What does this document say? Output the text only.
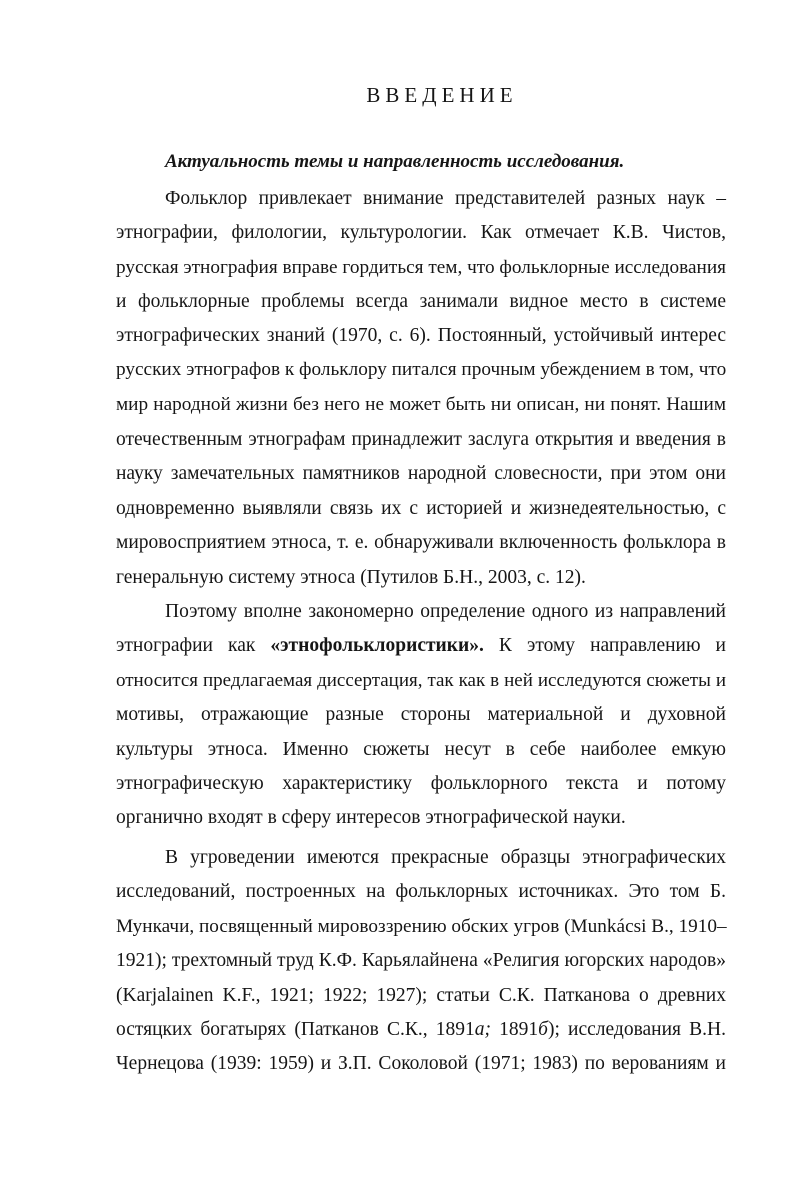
ВВЕДЕНИЕ
Актуальность темы и направленность исследования.
Фольклор привлекает внимание представителей разных наук –
этнографии, филологии, культурологии. Как отмечает К.В. Чистов,
русская этнография вправе гордиться тем, что фольклорные исследования
и фольклорные проблемы всегда занимали видное место в системе
этнографических знаний (1970, с. 6). Постоянный, устойчивый интерес
русских этнографов к фольклору питался прочным убеждением в том, что
мир народной жизни без него не может быть ни описан, ни понят. Нашим
отечественным этнографам принадлежит заслуга открытия и введения в
науку замечательных памятников народной словесности, при этом они
одновременно выявляли связь их с историей и жизнедеятельностью, с
мировосприятием этноса, т. е. обнаруживали включенность фольклора в
генеральную систему этноса (Путилов Б.Н., 2003, с. 12).
Поэтому вполне закономерно определение одного из направлений
этнографии как «этнофольклористики». К этому направлению и
относится предлагаемая диссертация, так как в ней исследуются сюжеты и
мотивы, отражающие разные стороны материальной и духовной
культуры этноса. Именно сюжеты несут в себе наиболее емкую
этнографическую характеристику фольклорного текста и потому
органично входят в сферу интересов этнографической науки.
В угроведении имеются прекрасные образцы этнографических
исследований, построенных на фольклорных источниках. Это том Б.
Мункачи, посвященный мировоззрению обских угров (Munkácsi B., 1910–
1921); трехтомный труд К.Ф. Карьялайнена «Религия югорских народов»
(Karjalainen K.F., 1921; 1922; 1927); статьи С.К. Патканова о древних
остяцких богатырях (Патканов С.К., 1891а; 1891б); исследования В.Н.
Чернецова (1939: 1959) и З.П. Соколовой (1971; 1983) по верованиям и
